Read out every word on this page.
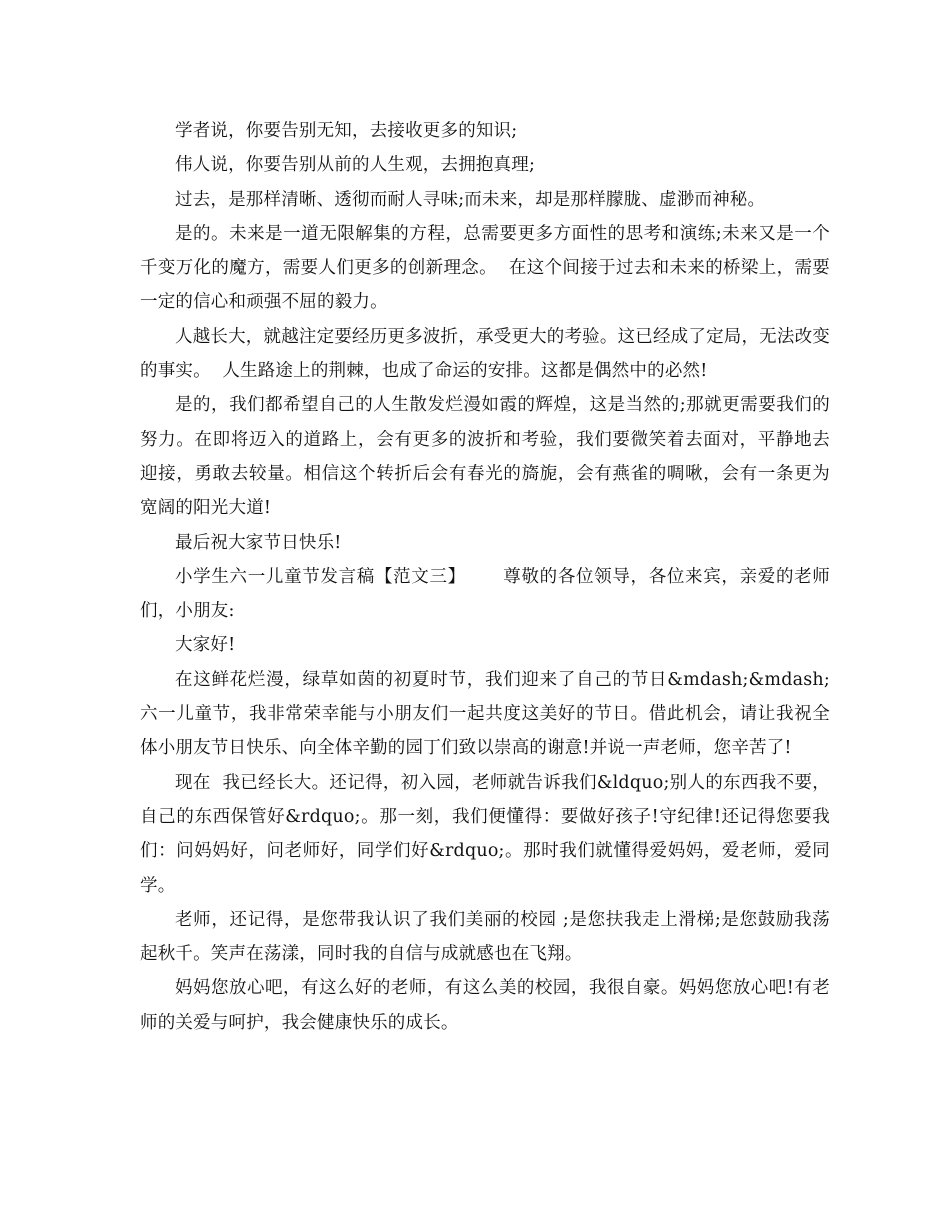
学者说，你要告别无知，去接收更多的知识;

伟人说，你要告别从前的人生观，去拥抱真理;

过去，是那样清晰、透彻而耐人寻味;而未来，却是那样朦胧、虚渺而神秘。

是的。未来是一道无限解集的方程，总需要更多方面性的思考和演练;未来又是一个千变万化的魔方，需要人们更多的创新理念。  在这个间接于过去和未来的桥梁上，需要一定的信心和顽强不屈的毅力。

人越长大，就越注定要经历更多波折，承受更大的考验。这已经成了定局，无法改变的事实。  人生路途上的荆棘，也成了命运的安排。这都是偶然中的必然!

是的，我们都希望自己的人生散发烂漫如霞的辉煌，这是当然的;那就更需要我们的努力。在即将迈入的道路上，会有更多的波折和考验，我们要微笑着去面对，平静地去迎接，勇敢去较量。相信这个转折后会有春光的旖旎，会有燕雀的啁啾，会有一条更为宽阔的阳光大道!

最后祝大家节日快乐!

小学生六一儿童节发言稿【范文三】      尊敬的各位领导，各位来宾，亲爱的老师们，小朋友:

大家好!

在这鲜花烂漫，绿草如茵的初夏时节，我们迎来了自己的节日&mdash;&mdash;六一儿童节，我非常荣幸能与小朋友们一起共度这美好的节日。借此机会，请让我祝全体小朋友节日快乐、向全体辛勤的园丁们致以崇高的谢意!并说一声老师，您辛苦了!

现在  我已经长大。还记得，初入园，老师就告诉我们&ldquo;别人的东西我不要，自己的东西保管好&rdquo;。那一刻，我们便懂得：要做好孩子!守纪律!还记得您要我们：问妈妈好，问老师好，同学们好&rdquo;。那时我们就懂得爱妈妈，爱老师，爱同学。

老师，还记得，是您带我认识了我们美丽的校园 ;是您扶我走上滑梯;是您鼓励我荡起秋千。笑声在荡漾，同时我的自信与成就感也在飞翔。

妈妈您放心吧，有这么好的老师，有这么美的校园，我很自豪。妈妈您放心吧!有老师的关爱与呵护，我会健康快乐的成长。
